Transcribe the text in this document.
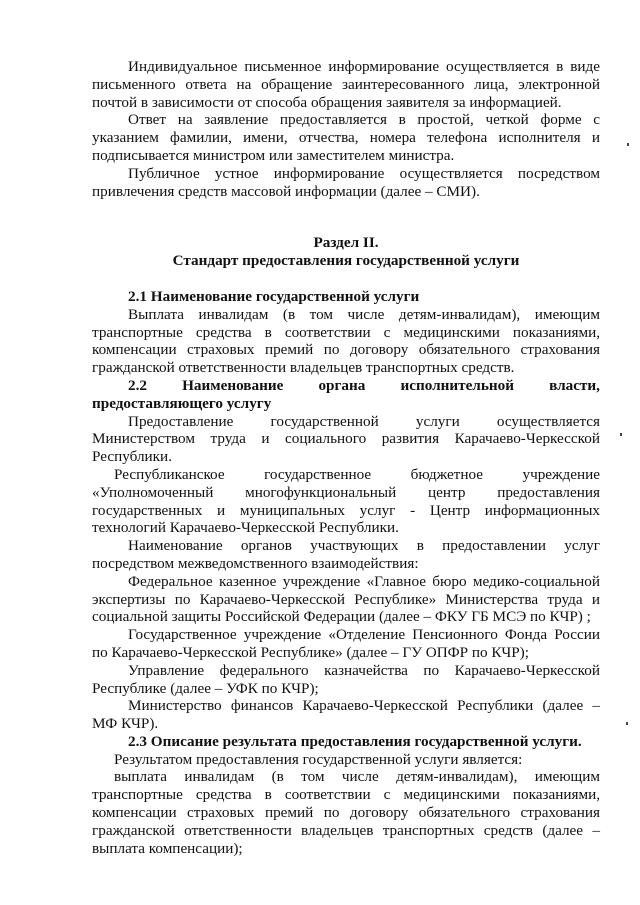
Индивидуальное письменное информирование осуществляется в виде письменного ответа на обращение заинтересованного лица, электронной почтой в зависимости от способа обращения заявителя за информацией.

Ответ на заявление предоставляется в простой, четкой форме с указанием фамилии, имени, отчества, номера телефона исполнителя и подписывается министром или заместителем министра.

Публичное устное информирование осуществляется посредством привлечения средств массовой информации (далее – СМИ).

Раздел II.

Стандарт предоставления государственной услуги

2.1 Наименование государственной услуги

Выплата инвалидам (в том числе детям-инвалидам), имеющим транспортные средства в соответствии с медицинскими показаниями, компенсации страховых премий по договору обязательного страхования гражданской ответственности владельцев транспортных средств.

2.2 Наименование органа исполнительной власти,

предоставляющего услугу

Предоставление государственной услуги осуществляется Министерством труда и социального развития Карачаево-Черкесской Республики.

Республиканское государственное бюджетное учреждение «Уполномоченный многофункциональный центр предоставления государственных и муниципальных услуг - Центр информационных технологий Карачаево-Черкесской Республики.

Наименование органов участвующих в предоставлении услуг посредством межведомственного взаимодействия:

Федеральное казенное учреждение «Главное бюро медико-социальной экспертизы по Карачаево-Черкесской Республике» Министерства труда и социальной защиты Российской Федерации (далее – ФКУ ГБ МСЭ по КЧР) ;

Государственное учреждение «Отделение Пенсионного Фонда России по Карачаево-Черкесской Республике» (далее – ГУ ОПФР по КЧР);

Управление федерального казначейства по Карачаево-Черкесской Республике (далее – УФК по КЧР);

Министерство финансов Карачаево-Черкесской Республики (далее – МФ КЧР).

2.3 Описание результата предоставления государственной услуги.

Результатом предоставления государственной услуги является:

выплата инвалидам (в том числе детям-инвалидам), имеющим транспортные средства в соответствии с медицинскими показаниями, компенсации страховых премий по договору обязательного страхования гражданской ответственности владельцев транспортных средств (далее – выплата компенсации);
